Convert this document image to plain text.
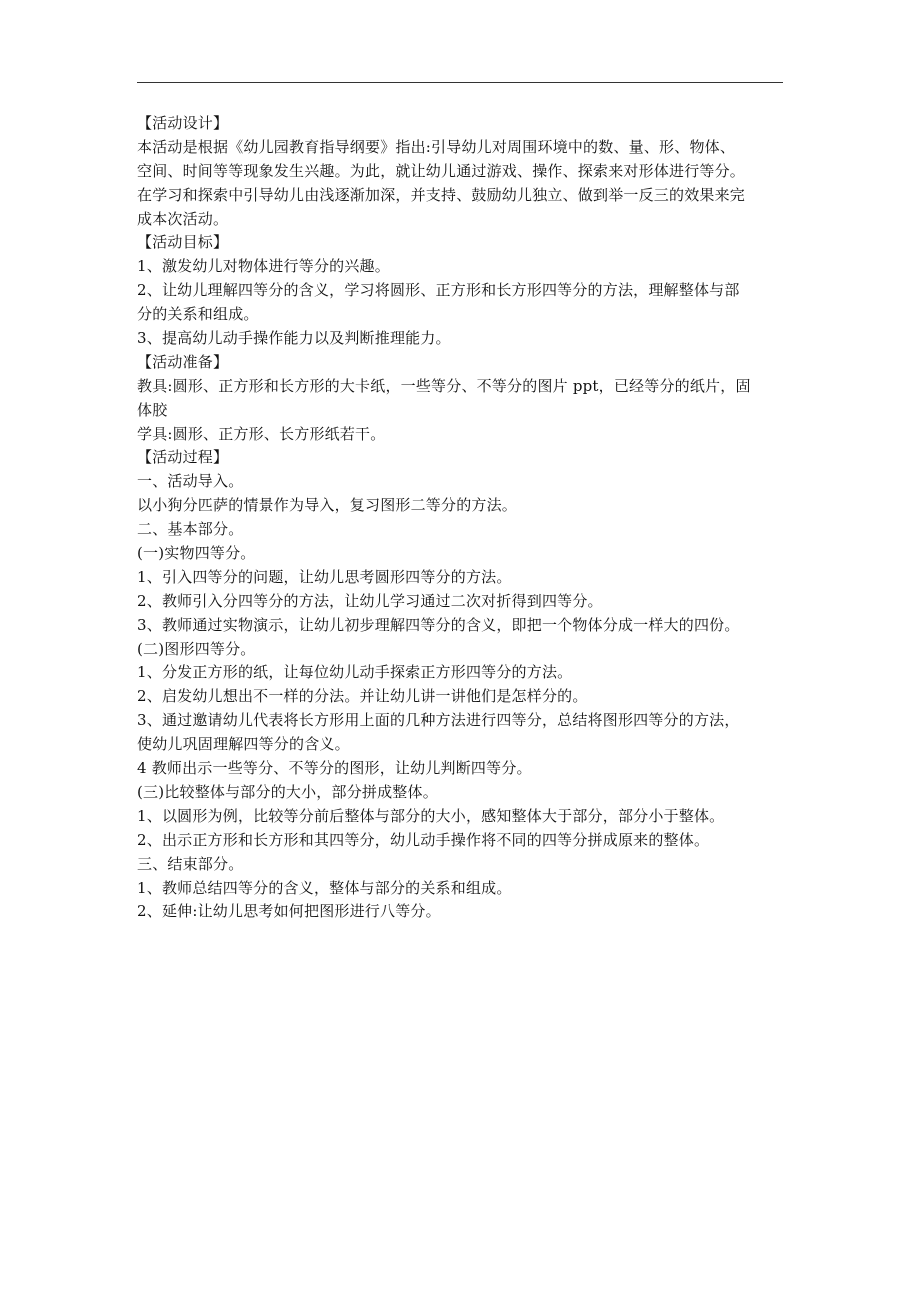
【活动设计】
本活动是根据《幼儿园教育指导纲要》指出:引导幼儿对周围环境中的数、量、形、物体、
空间、时间等等现象发生兴趣。为此，就让幼儿通过游戏、操作、探索来对形体进行等分。
在学习和探索中引导幼儿由浅逐渐加深，并支持、鼓励幼儿独立、做到举一反三的效果来完
成本次活动。
【活动目标】
1、激发幼儿对物体进行等分的兴趣。
2、让幼儿理解四等分的含义，学习将圆形、正方形和长方形四等分的方法，理解整体与部
分的关系和组成。
3、提高幼儿动手操作能力以及判断推理能力。
【活动准备】
教具:圆形、正方形和长方形的大卡纸，一些等分、不等分的图片 ppt，已经等分的纸片，固
体胶
学具:圆形、正方形、长方形纸若干。
【活动过程】
一、活动导入。
以小狗分匹萨的情景作为导入，复习图形二等分的方法。
二、基本部分。
(一)实物四等分。
1、引入四等分的问题，让幼儿思考圆形四等分的方法。
2、教师引入分四等分的方法，让幼儿学习通过二次对折得到四等分。
3、教师通过实物演示，让幼儿初步理解四等分的含义，即把一个物体分成一样大的四份。
(二)图形四等分。
1、分发正方形的纸，让每位幼儿动手探索正方形四等分的方法。
2、启发幼儿想出不一样的分法。并让幼儿讲一讲他们是怎样分的。
3、通过邀请幼儿代表将长方形用上面的几种方法进行四等分，总结将图形四等分的方法，
使幼儿巩固理解四等分的含义。
4 教师出示一些等分、不等分的图形，让幼儿判断四等分。
(三)比较整体与部分的大小，部分拼成整体。
1、以圆形为例，比较等分前后整体与部分的大小，感知整体大于部分，部分小于整体。
2、出示正方形和长方形和其四等分，幼儿动手操作将不同的四等分拼成原来的整体。
三、结束部分。
1、教师总结四等分的含义，整体与部分的关系和组成。
2、延伸:让幼儿思考如何把图形进行八等分。
